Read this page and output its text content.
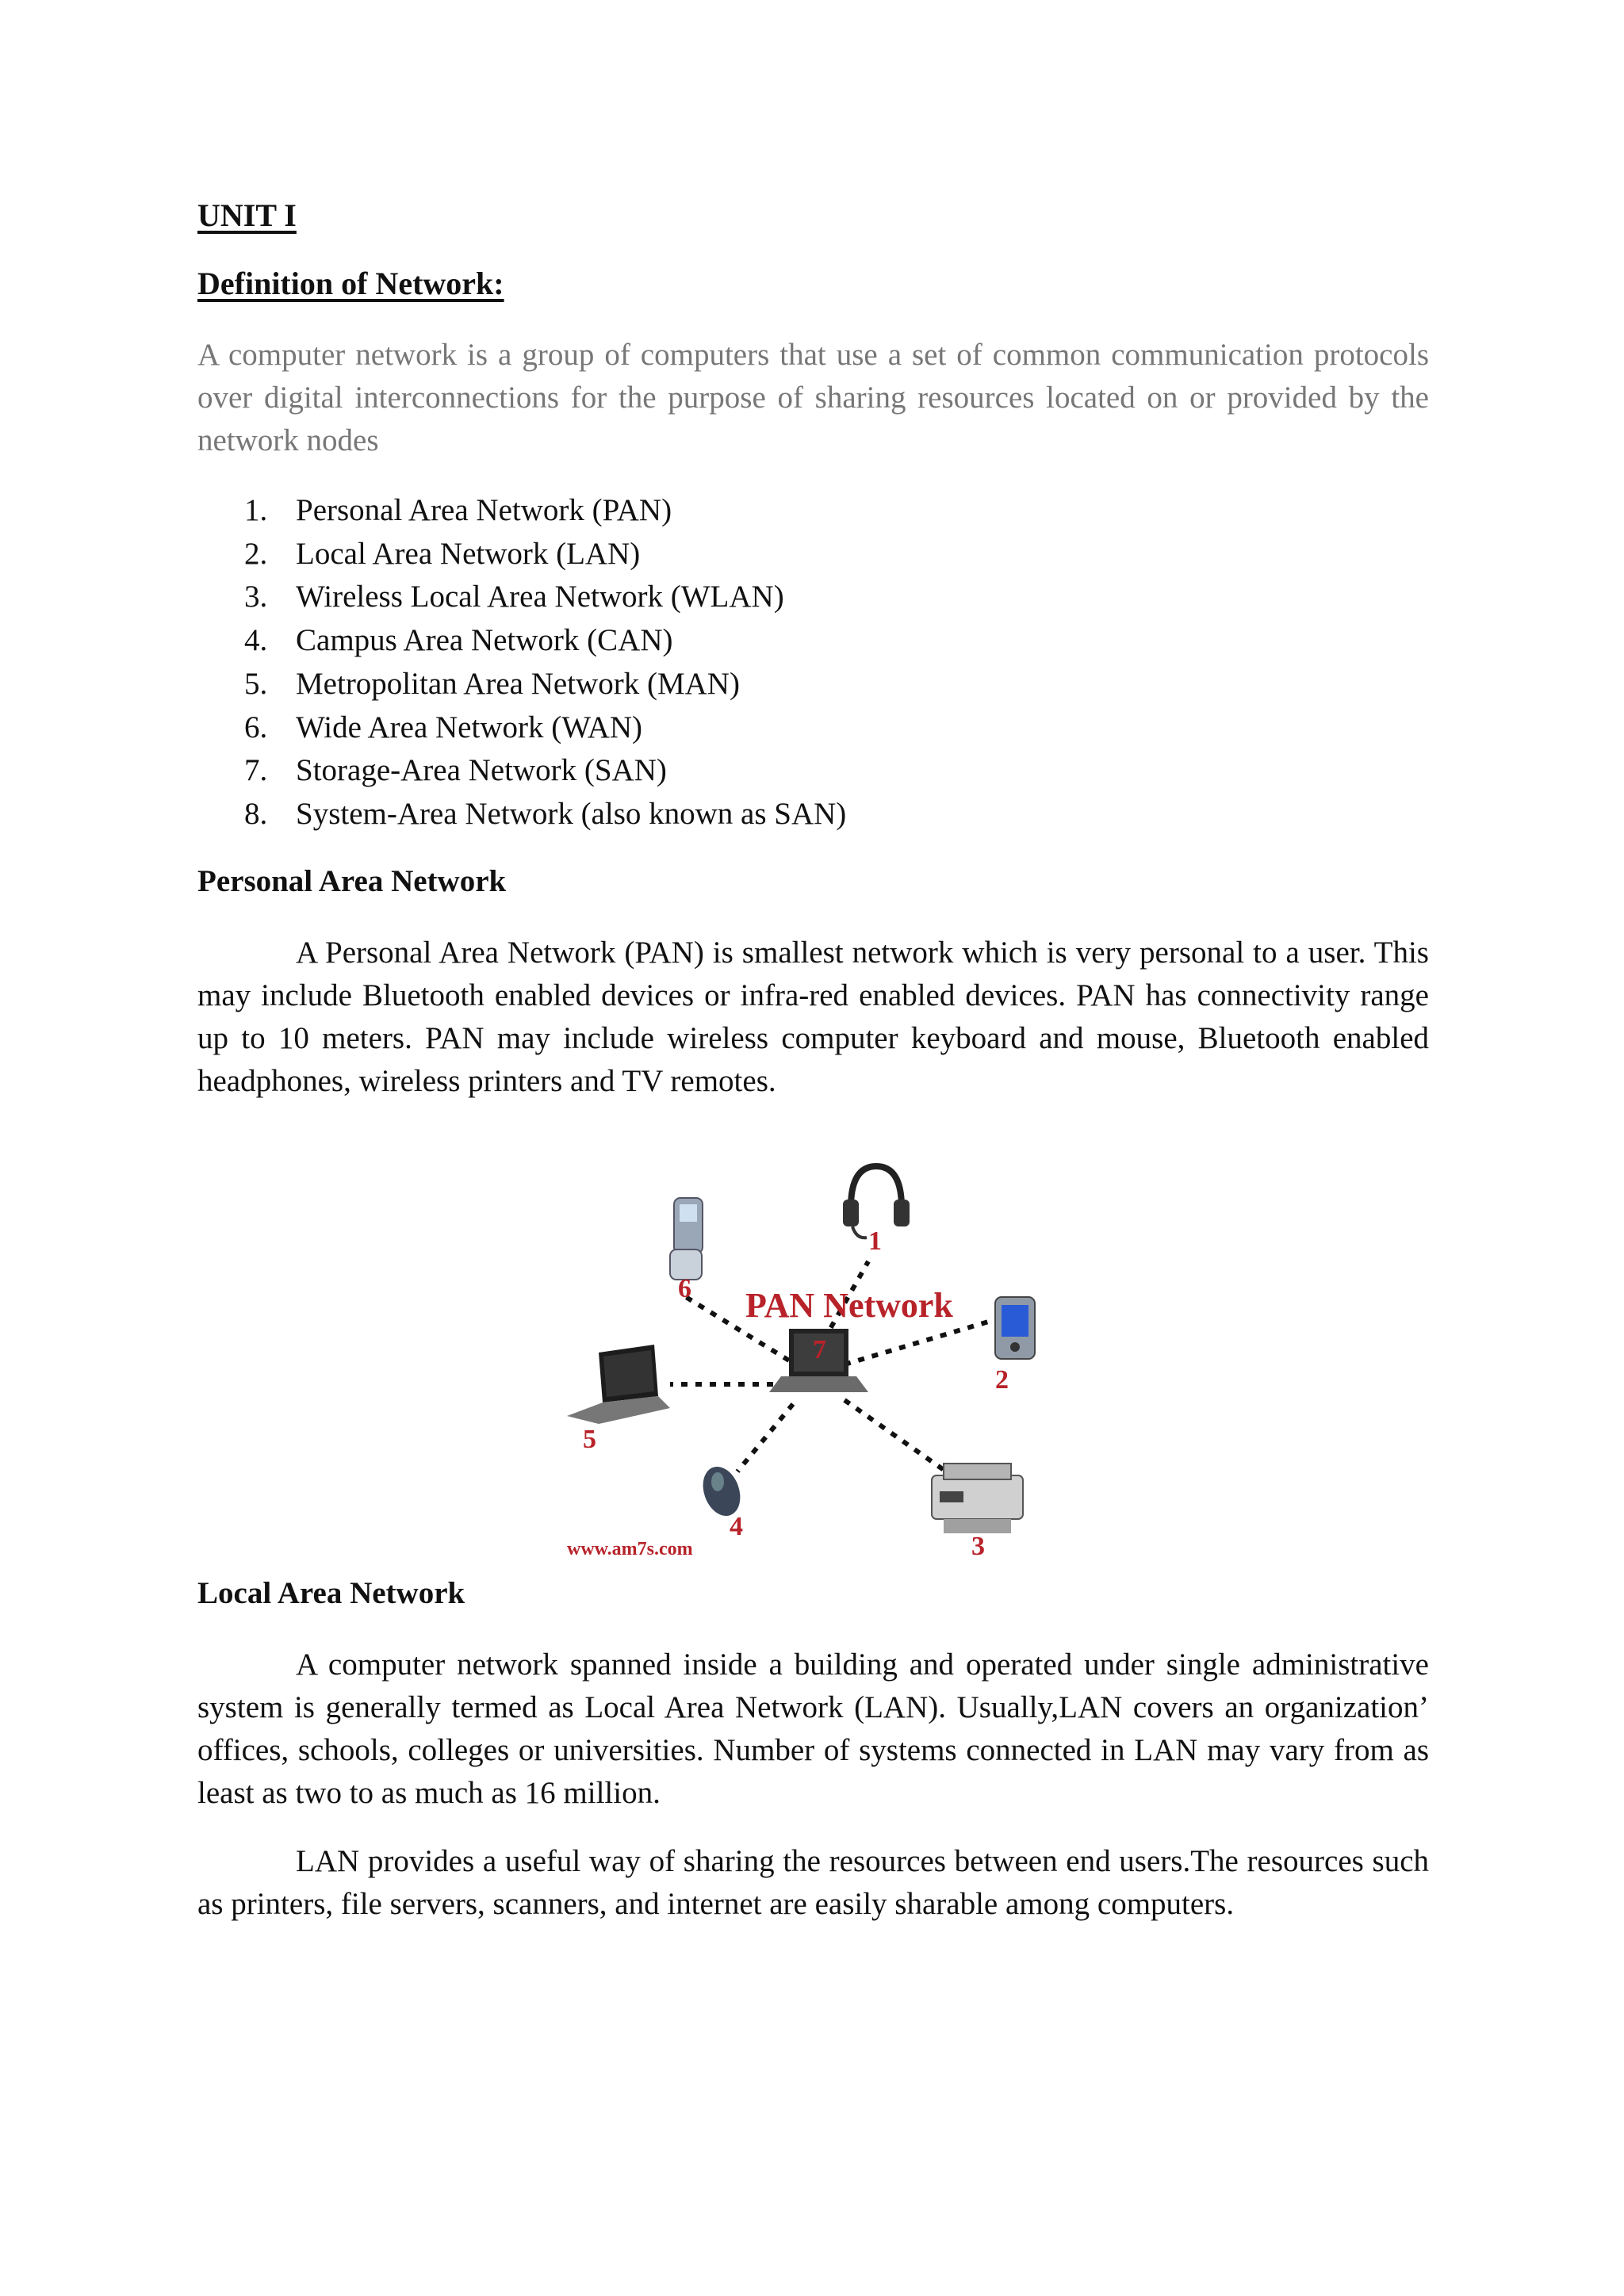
UNIT I

Definition of Network:

A computer network is a group of computers that use a set of common communication protocols over digital interconnections for the purpose of sharing resources located on or provided by the network nodes

1. Personal Area Network (PAN)
2. Local Area Network (LAN)
3. Wireless Local Area Network (WLAN)
4. Campus Area Network (CAN)
5. Metropolitan Area Network (MAN)
6. Wide Area Network (WAN)
7. Storage-Area Network (SAN)
8. System-Area Network (also known as SAN)

Personal Area Network

A Personal Area Network (PAN) is smallest network which is very personal to a user. This may include Bluetooth enabled devices or infra-red enabled devices. PAN has connectivity range up to 10 meters. PAN may include wireless computer keyboard and mouse, Bluetooth enabled headphones, wireless printers and TV remotes.

PAN Network
1
2
3
4
5
6
7
www.am7s.com

Local Area Network

A computer network spanned inside a building and operated under single administrative system is generally termed as Local Area Network (LAN). Usually,LAN covers an organization’ offices, schools, colleges or universities. Number of systems connected in LAN may vary from as least as two to as much as 16 million.

LAN provides a useful way of sharing the resources between end users.The resources such as printers, file servers, scanners, and internet are easily sharable among computers.
